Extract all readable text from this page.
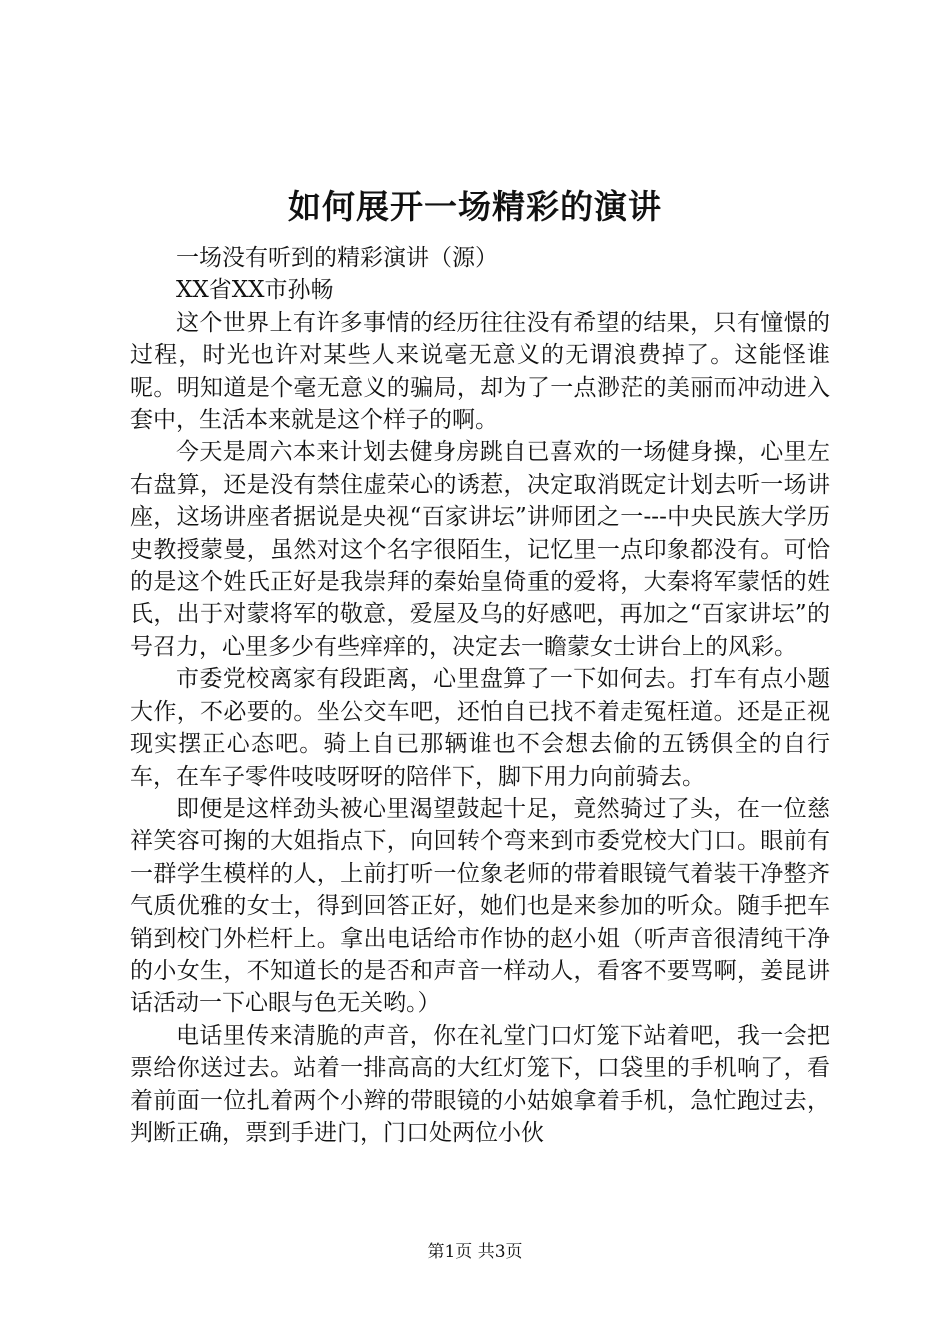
如何展开一场精彩的演讲

一场没有听到的精彩演讲（源）

XX省XX市孙畅

这个世界上有许多事情的经历往往没有希望的结果，只有憧憬的过程，时光也许对某些人来说毫无意义的无谓浪费掉了。这能怪谁呢。明知道是个毫无意义的骗局，却为了一点渺茫的美丽而冲动进入套中，生活本来就是这个样子的啊。

今天是周六本来计划去健身房跳自已喜欢的一场健身操，心里左右盘算，还是没有禁住虚荣心的诱惹，决定取消既定计划去听一场讲座，这场讲座者据说是央视“百家讲坛”讲师团之一---中央民族大学历史教授蒙曼，虽然对这个名字很陌生，记忆里一点印象都没有。可恰的是这个姓氏正好是我崇拜的秦始皇倚重的爱将，大秦将军蒙恬的姓氏，出于对蒙将军的敬意，爱屋及乌的好感吧，再加之“百家讲坛”的号召力，心里多少有些痒痒的，决定去一瞻蒙女士讲台上的风彩。

市委党校离家有段距离，心里盘算了一下如何去。打车有点小题大作，不必要的。坐公交车吧，还怕自已找不着走冤枉道。还是正视现实摆正心态吧。骑上自已那辆谁也不会想去偷的五锈俱全的自行车，在车子零件吱吱呀呀的陪伴下，脚下用力向前骑去。

即便是这样劲头被心里渴望鼓起十足，竟然骑过了头，在一位慈祥笑容可掬的大姐指点下，向回转个弯来到市委党校大门口。眼前有一群学生模样的人，上前打听一位象老师的带着眼镜气着装干净整齐气质优雅的女士，得到回答正好，她们也是来参加的听众。随手把车销到校门外栏杆上。拿出电话给市作协的赵小姐（听声音很清纯干净的小女生，不知道长的是否和声音一样动人，看客不要骂啊，姜昆讲话活动一下心眼与色无关哟。）

电话里传来清脆的声音，你在礼堂门口灯笼下站着吧，我一会把票给你送过去。站着一排高高的大红灯笼下，口袋里的手机响了，看着前面一位扎着两个小辫的带眼镜的小姑娘拿着手机，急忙跑过去，判断正确，票到手进门，门口处两位小伙

第1页 共3页
